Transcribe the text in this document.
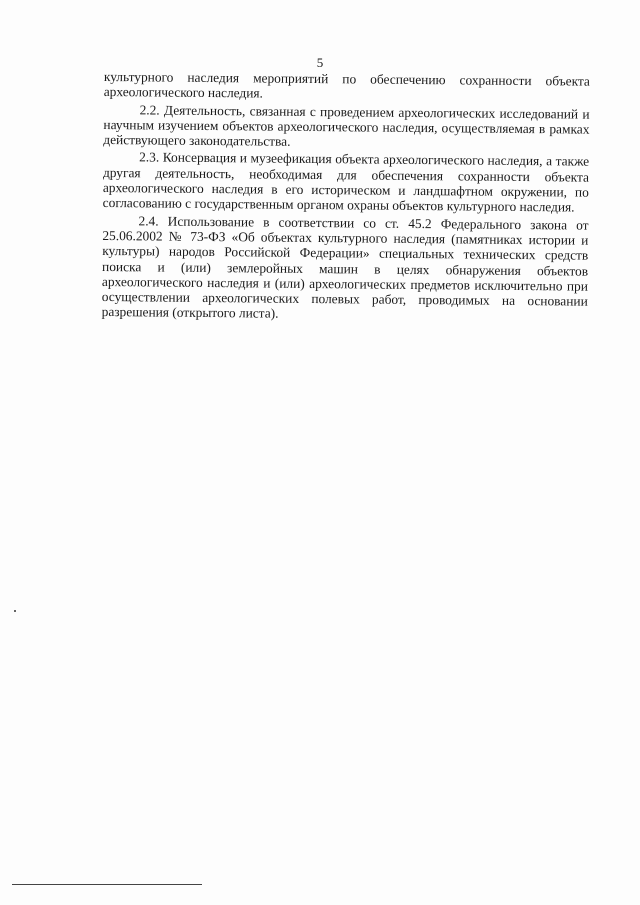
5

культурного наследия мероприятий по обеспечению сохранности объекта археологического наследия.

2.2. Деятельность, связанная с проведением археологических исследований и научным изучением объектов археологического наследия, осуществляемая в рамках действующего законодательства.

2.3. Консервация и музеефикация объекта археологического наследия, а также другая деятельность, необходимая для обеспечения сохранности объекта археологического наследия в его историческом и ландшафтном окружении, по согласованию с государственным органом охраны объектов культурного наследия.

2.4. Использование в соответствии со ст. 45.2 Федерального закона от 25.06.2002 № 73-ФЗ «Об объектах культурного наследия (памятниках истории и культуры) народов Российской Федерации» специальных технических средств поиска и (или) землеройных машин в целях обнаружения объектов археологического наследия и (или) археологических предметов исключительно при осуществлении археологических полевых работ, проводимых на основании разрешения (открытого листа).
